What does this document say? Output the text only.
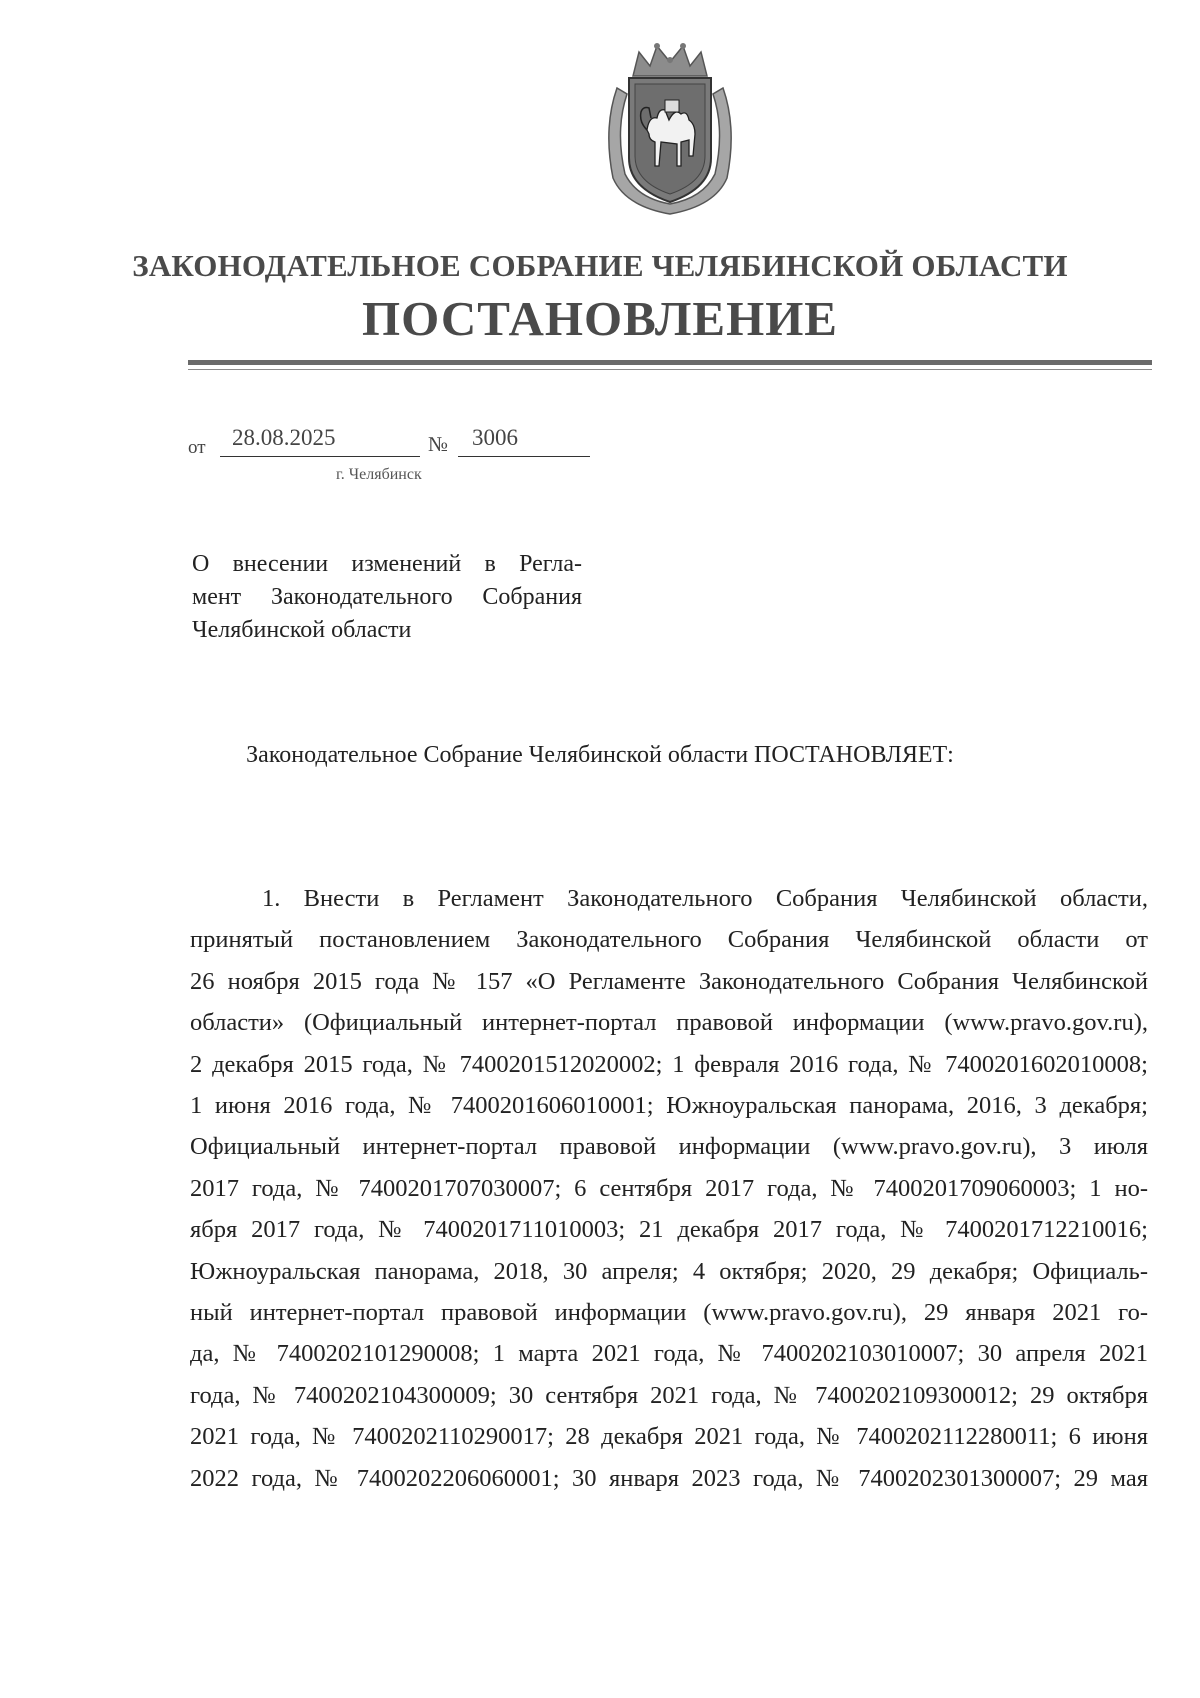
ЗАКОНОДАТЕЛЬНОЕ СОБРАНИЕ ЧЕЛЯБИНСКОЙ ОБЛАСТИ
ПОСТАНОВЛЕНИЕ
от 28.08.2025	№ 3006
г. Челябинск
О внесении изменений в Регла-
мент Законодательного Собрания
Челябинской области
Законодательное Собрание Челябинской области ПОСТАНОВЛЯЕТ:
1. Внести в Регламент Законодательного Собрания Челябинской области,
принятый постановлением Законодательного Собрания Челябинской области от
26 ноября 2015 года № 157 «О Регламенте Законодательного Собрания Челябинской
области» (Официальный интернет-портал правовой информации (www.pravo.gov.ru),
2 декабря 2015 года, № 7400201512020002; 1 февраля 2016 года, № 7400201602010008;
1 июня 2016 года, № 7400201606010001; Южноуральская панорама, 2016, 3 декабря;
Официальный интернет-портал правовой информации (www.pravo.gov.ru), 3 июля
2017 года, № 7400201707030007; 6 сентября 2017 года, № 7400201709060003; 1 но-
ября 2017 года, № 7400201711010003; 21 декабря 2017 года, № 7400201712210016;
Южноуральская панорама, 2018, 30 апреля; 4 октября; 2020, 29 декабря; Официаль-
ный интернет-портал правовой информации (www.pravo.gov.ru), 29 января 2021 го-
да, № 7400202101290008; 1 марта 2021 года, № 7400202103010007; 30 апреля 2021
года, № 7400202104300009; 30 сентября 2021 года, № 7400202109300012; 29 октября
2021 года, № 7400202110290017; 28 декабря 2021 года, № 7400202112280011; 6 июня
2022 года, № 7400202206060001; 30 января 2023 года, № 7400202301300007; 29 мая
